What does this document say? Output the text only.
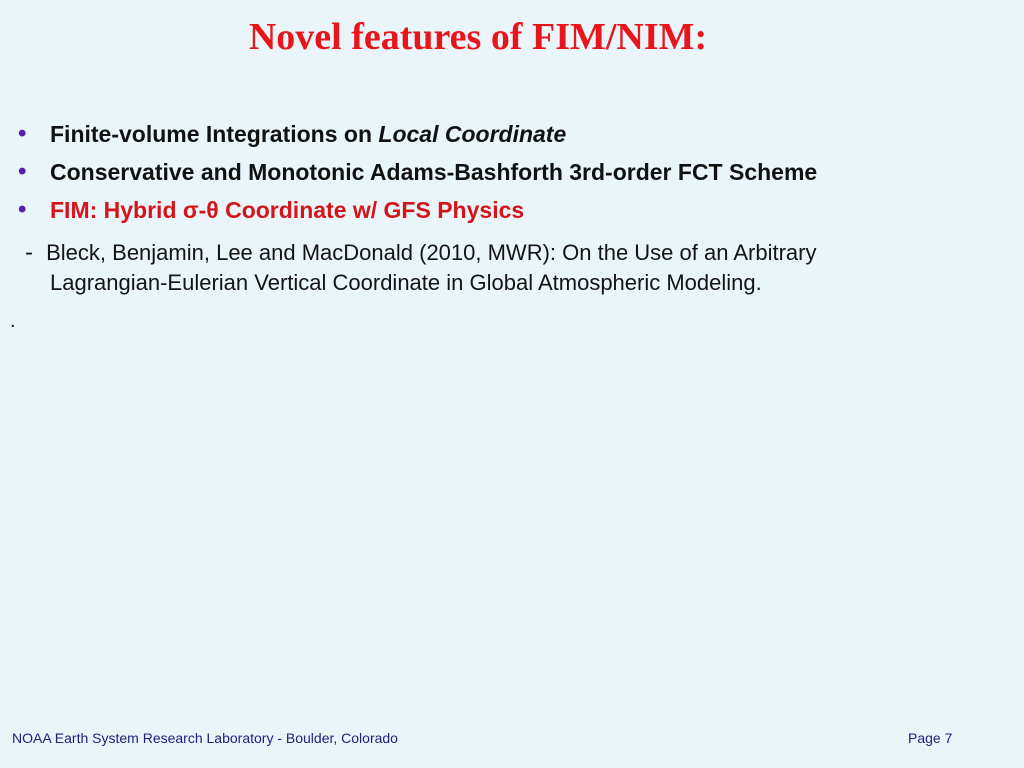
Novel features of FIM/NIM:
• Finite-volume Integrations on Local Coordinate
• Conservative and Monotonic Adams-Bashforth 3rd-order FCT Scheme
• FIM: Hybrid σ-θ Coordinate w/ GFS Physics
- Bleck, Benjamin, Lee and MacDonald (2010, MWR): On the Use of an Arbitrary
Lagrangian-Eulerian Vertical Coordinate in Global Atmospheric Modeling.
.
NOAA Earth System Research Laboratory - Boulder, Colorado	Page 7
